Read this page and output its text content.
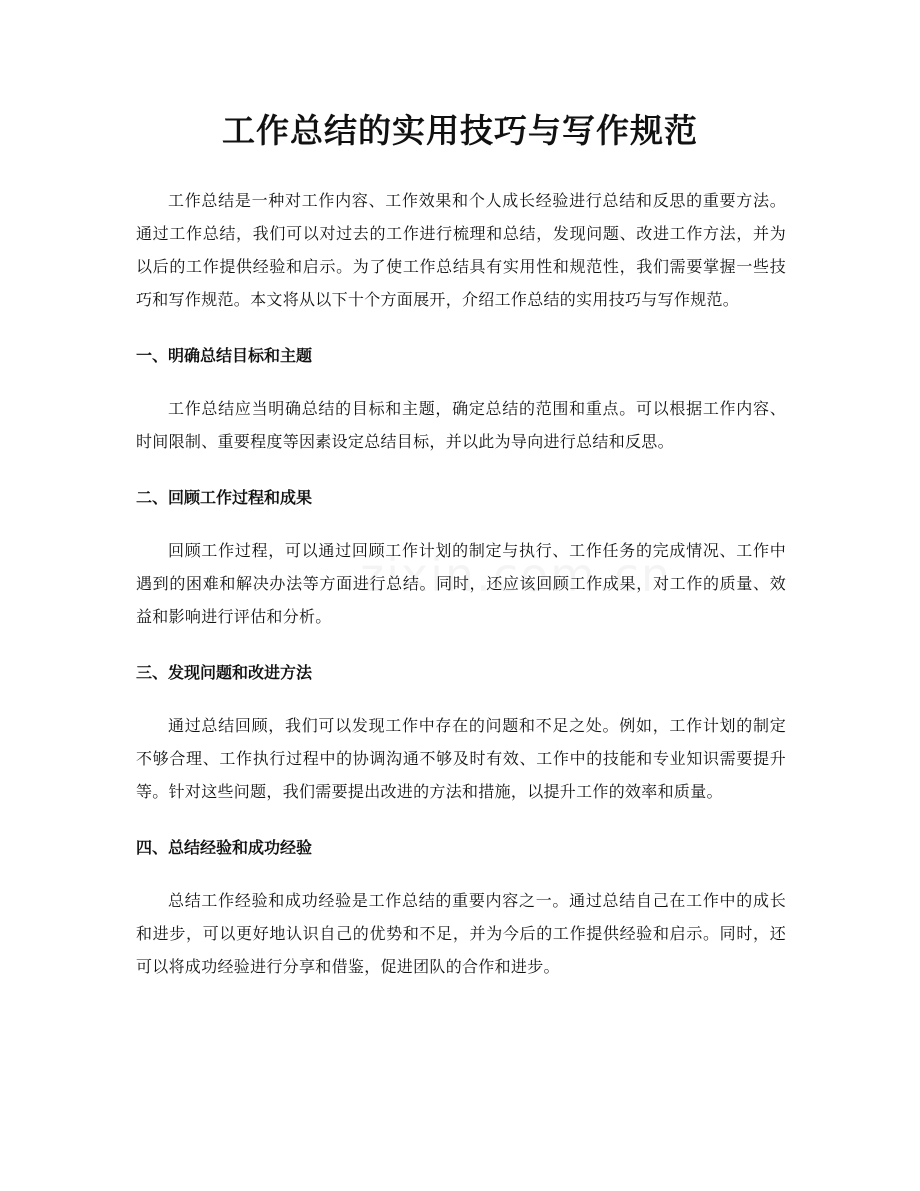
工作总结的实用技巧与写作规范

工作总结是一种对工作内容、工作效果和个人成长经验进行总结和反思的重要方法。通过工作总结，我们可以对过去的工作进行梳理和总结，发现问题、改进工作方法，并为以后的工作提供经验和启示。为了使工作总结具有实用性和规范性，我们需要掌握一些技巧和写作规范。本文将从以下十个方面展开，介绍工作总结的实用技巧与写作规范。

一、明确总结目标和主题

工作总结应当明确总结的目标和主题，确定总结的范围和重点。可以根据工作内容、时间限制、重要程度等因素设定总结目标，并以此为导向进行总结和反思。

二、回顾工作过程和成果

回顾工作过程，可以通过回顾工作计划的制定与执行、工作任务的完成情况、工作中遇到的困难和解决办法等方面进行总结。同时，还应该回顾工作成果，对工作的质量、效益和影响进行评估和分析。

三、发现问题和改进方法

通过总结回顾，我们可以发现工作中存在的问题和不足之处。例如，工作计划的制定不够合理、工作执行过程中的协调沟通不够及时有效、工作中的技能和专业知识需要提升等。针对这些问题，我们需要提出改进的方法和措施，以提升工作的效率和质量。

四、总结经验和成功经验

总结工作经验和成功经验是工作总结的重要内容之一。通过总结自己在工作中的成长和进步，可以更好地认识自己的优势和不足，并为今后的工作提供经验和启示。同时，还可以将成功经验进行分享和借鉴，促进团队的合作和进步。
